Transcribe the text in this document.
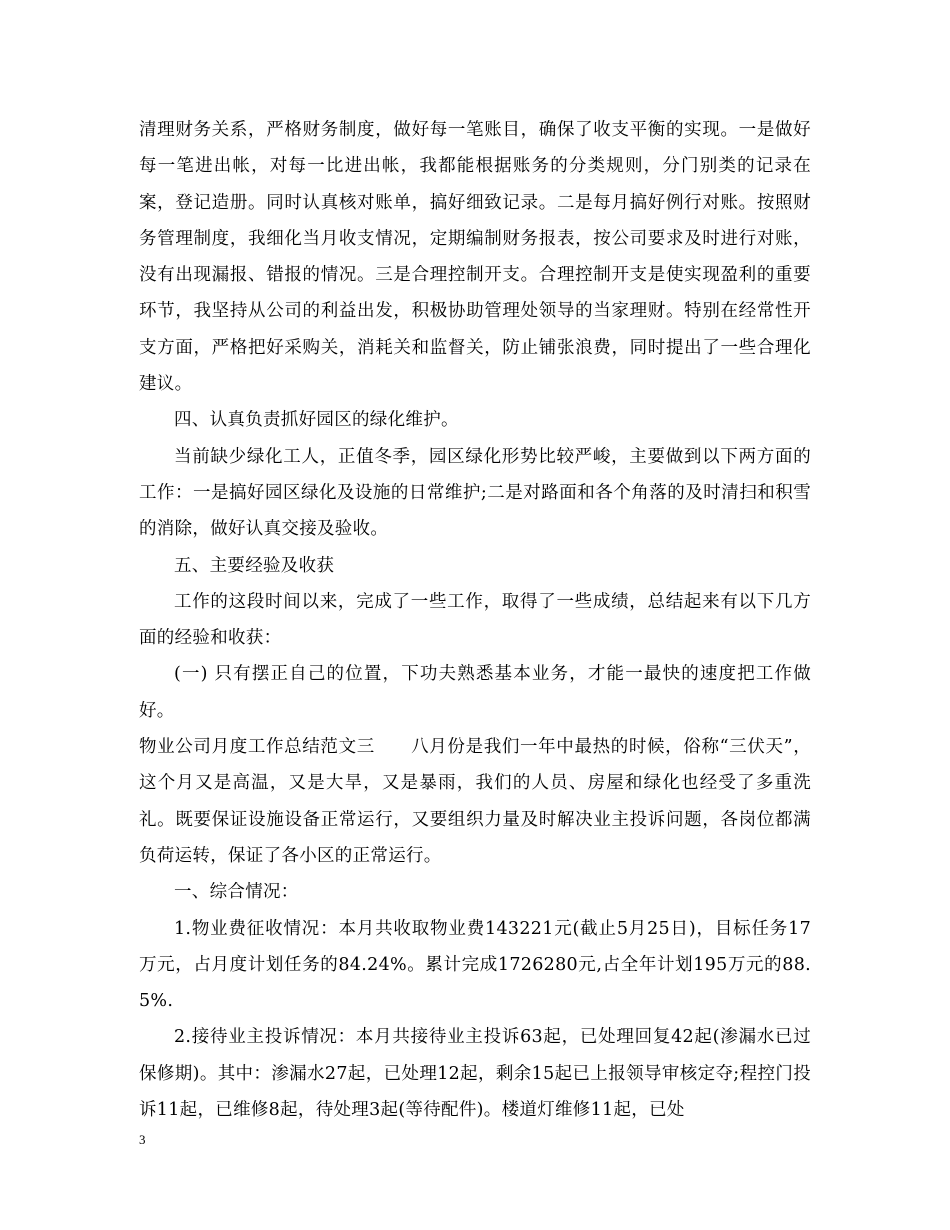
清理财务关系，严格财务制度，做好每一笔账目，确保了收支平衡的实现。一是做好每一笔进出帐，对每一比进出帐，我都能根据账务的分类规则，分门别类的记录在案，登记造册。同时认真核对账单，搞好细致记录。二是每月搞好例行对账。按照财务管理制度，我细化当月收支情况，定期编制财务报表，按公司要求及时进行对账，没有出现漏报、错报的情况。三是合理控制开支。合理控制开支是使实现盈利的重要环节，我坚持从公司的利益出发，积极协助管理处领导的当家理财。特别在经常性开支方面，严格把好采购关，消耗关和监督关，防止铺张浪费，同时提出了一些合理化建议。

四、认真负责抓好园区的绿化维护。

当前缺少绿化工人，正值冬季，园区绿化形势比较严峻，主要做到以下两方面的工作：一是搞好园区绿化及设施的日常维护;二是对路面和各个角落的及时清扫和积雪的消除，做好认真交接及验收。

五、主要经验及收获

工作的这段时间以来，完成了一些工作，取得了一些成绩，总结起来有以下几方面的经验和收获：

(一) 只有摆正自己的位置，下功夫熟悉基本业务，才能一最快的速度把工作做好。

物业公司月度工作总结范文三　　八月份是我们一年中最热的时候，俗称“三伏天”，这个月又是高温，又是大旱，又是暴雨，我们的人员、房屋和绿化也经受了多重洗礼。既要保证设施设备正常运行，又要组织力量及时解决业主投诉问题，各岗位都满负荷运转，保证了各小区的正常运行。

一、综合情况：

1.物业费征收情况：本月共收取物业费143221元(截止5月25日)，目标任务17万元，占月度计划任务的84.24%。累计完成1726280元,占全年计划195万元的88.5%.

2.接待业主投诉情况：本月共接待业主投诉63起，已处理回复42起(渗漏水已过保修期)。其中：渗漏水27起，已处理12起，剩余15起已上报领导审核定夺;程控门投诉11起，已维修8起，待处理3起(等待配件)。楼道灯维修11起，已处

3
